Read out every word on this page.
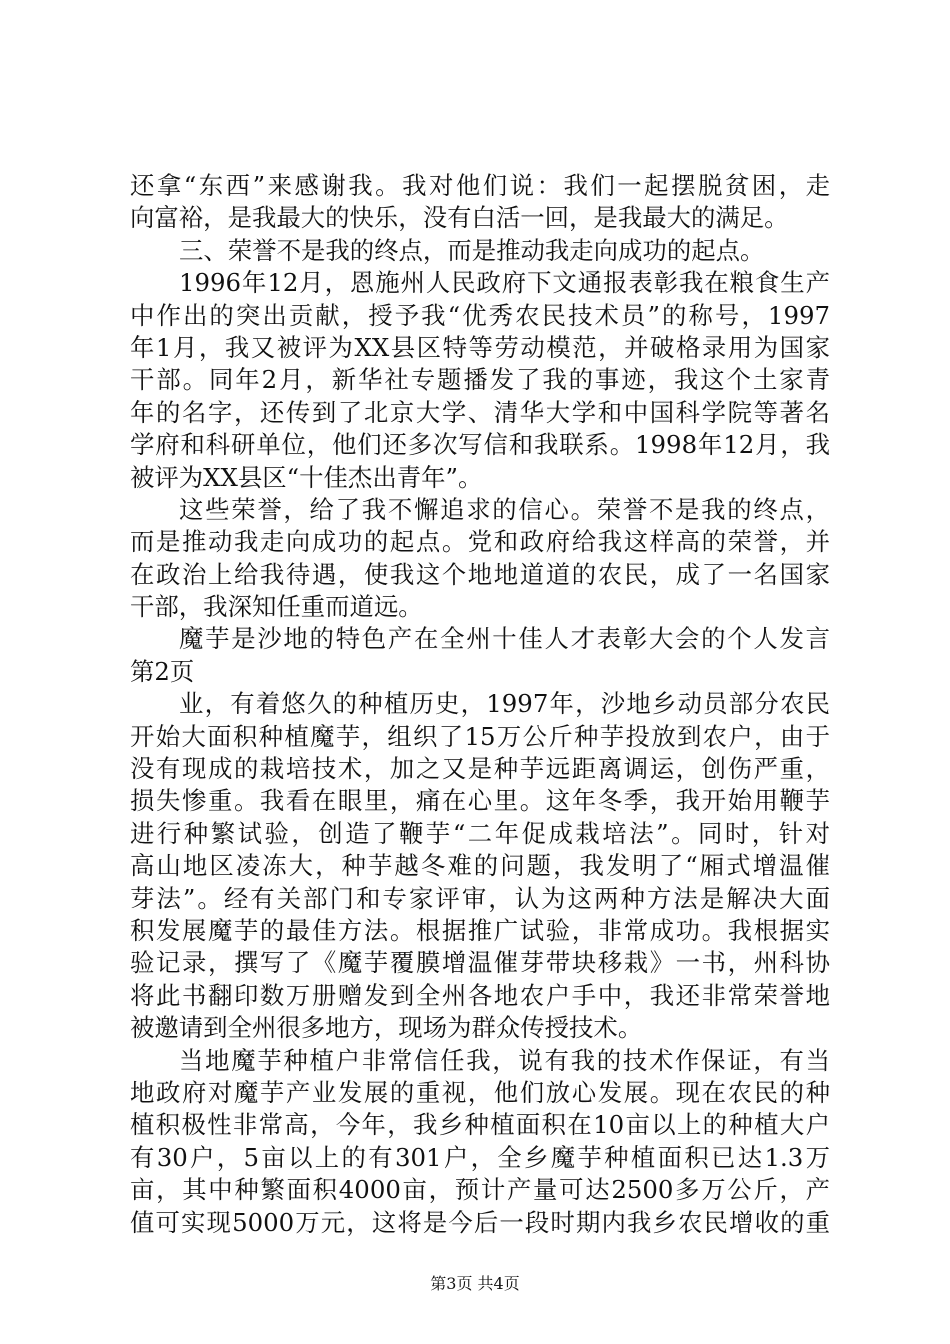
还拿“东西”来感谢我。我对他们说：我们一起摆脱贫困，走
向富裕，是我最大的快乐，没有白活一回，是我最大的满足。
三、荣誉不是我的终点，而是推动我走向成功的起点。
1996年12月，恩施州人民政府下文通报表彰我在粮食生产
中作出的突出贡献，授予我“优秀农民技术员”的称号，1997
年1月，我又被评为XX县区特等劳动模范，并破格录用为国家
干部。同年2月，新华社专题播发了我的事迹，我这个土家青
年的名字，还传到了北京大学、清华大学和中国科学院等著名
学府和科研单位，他们还多次写信和我联系。1998年12月，我
被评为XX县区“十佳杰出青年”。
这些荣誉，给了我不懈追求的信心。荣誉不是我的终点，
而是推动我走向成功的起点。党和政府给我这样高的荣誉，并
在政治上给我待遇，使我这个地地道道的农民，成了一名国家
干部，我深知任重而道远。
魔芋是沙地的特色产在全州十佳人才表彰大会的个人发言
第2页
业，有着悠久的种植历史，1997年，沙地乡动员部分农民
开始大面积种植魔芋，组织了15万公斤种芋投放到农户，由于
没有现成的栽培技术，加之又是种芋远距离调运，创伤严重，
损失惨重。我看在眼里，痛在心里。这年冬季，我开始用鞭芋
进行种繁试验，创造了鞭芋“二年促成栽培法”。同时，针对
高山地区凌冻大，种芋越冬难的问题，我发明了“厢式增温催
芽法”。经有关部门和专家评审，认为这两种方法是解决大面
积发展魔芋的最佳方法。根据推广试验，非常成功。我根据实
验记录，撰写了《魔芋覆膜增温催芽带块移栽》一书，州科协
将此书翻印数万册赠发到全州各地农户手中，我还非常荣誉地
被邀请到全州很多地方，现场为群众传授技术。
当地魔芋种植户非常信任我，说有我的技术作保证，有当
地政府对魔芋产业发展的重视，他们放心发展。现在农民的种
植积极性非常高，今年，我乡种植面积在10亩以上的种植大户
有30户，5亩以上的有301户，全乡魔芋种植面积已达1.3万
亩，其中种繁面积4000亩，预计产量可达2500多万公斤，产
值可实现5000万元，这将是今后一段时期内我乡农民增收的重
第3页 共4页
